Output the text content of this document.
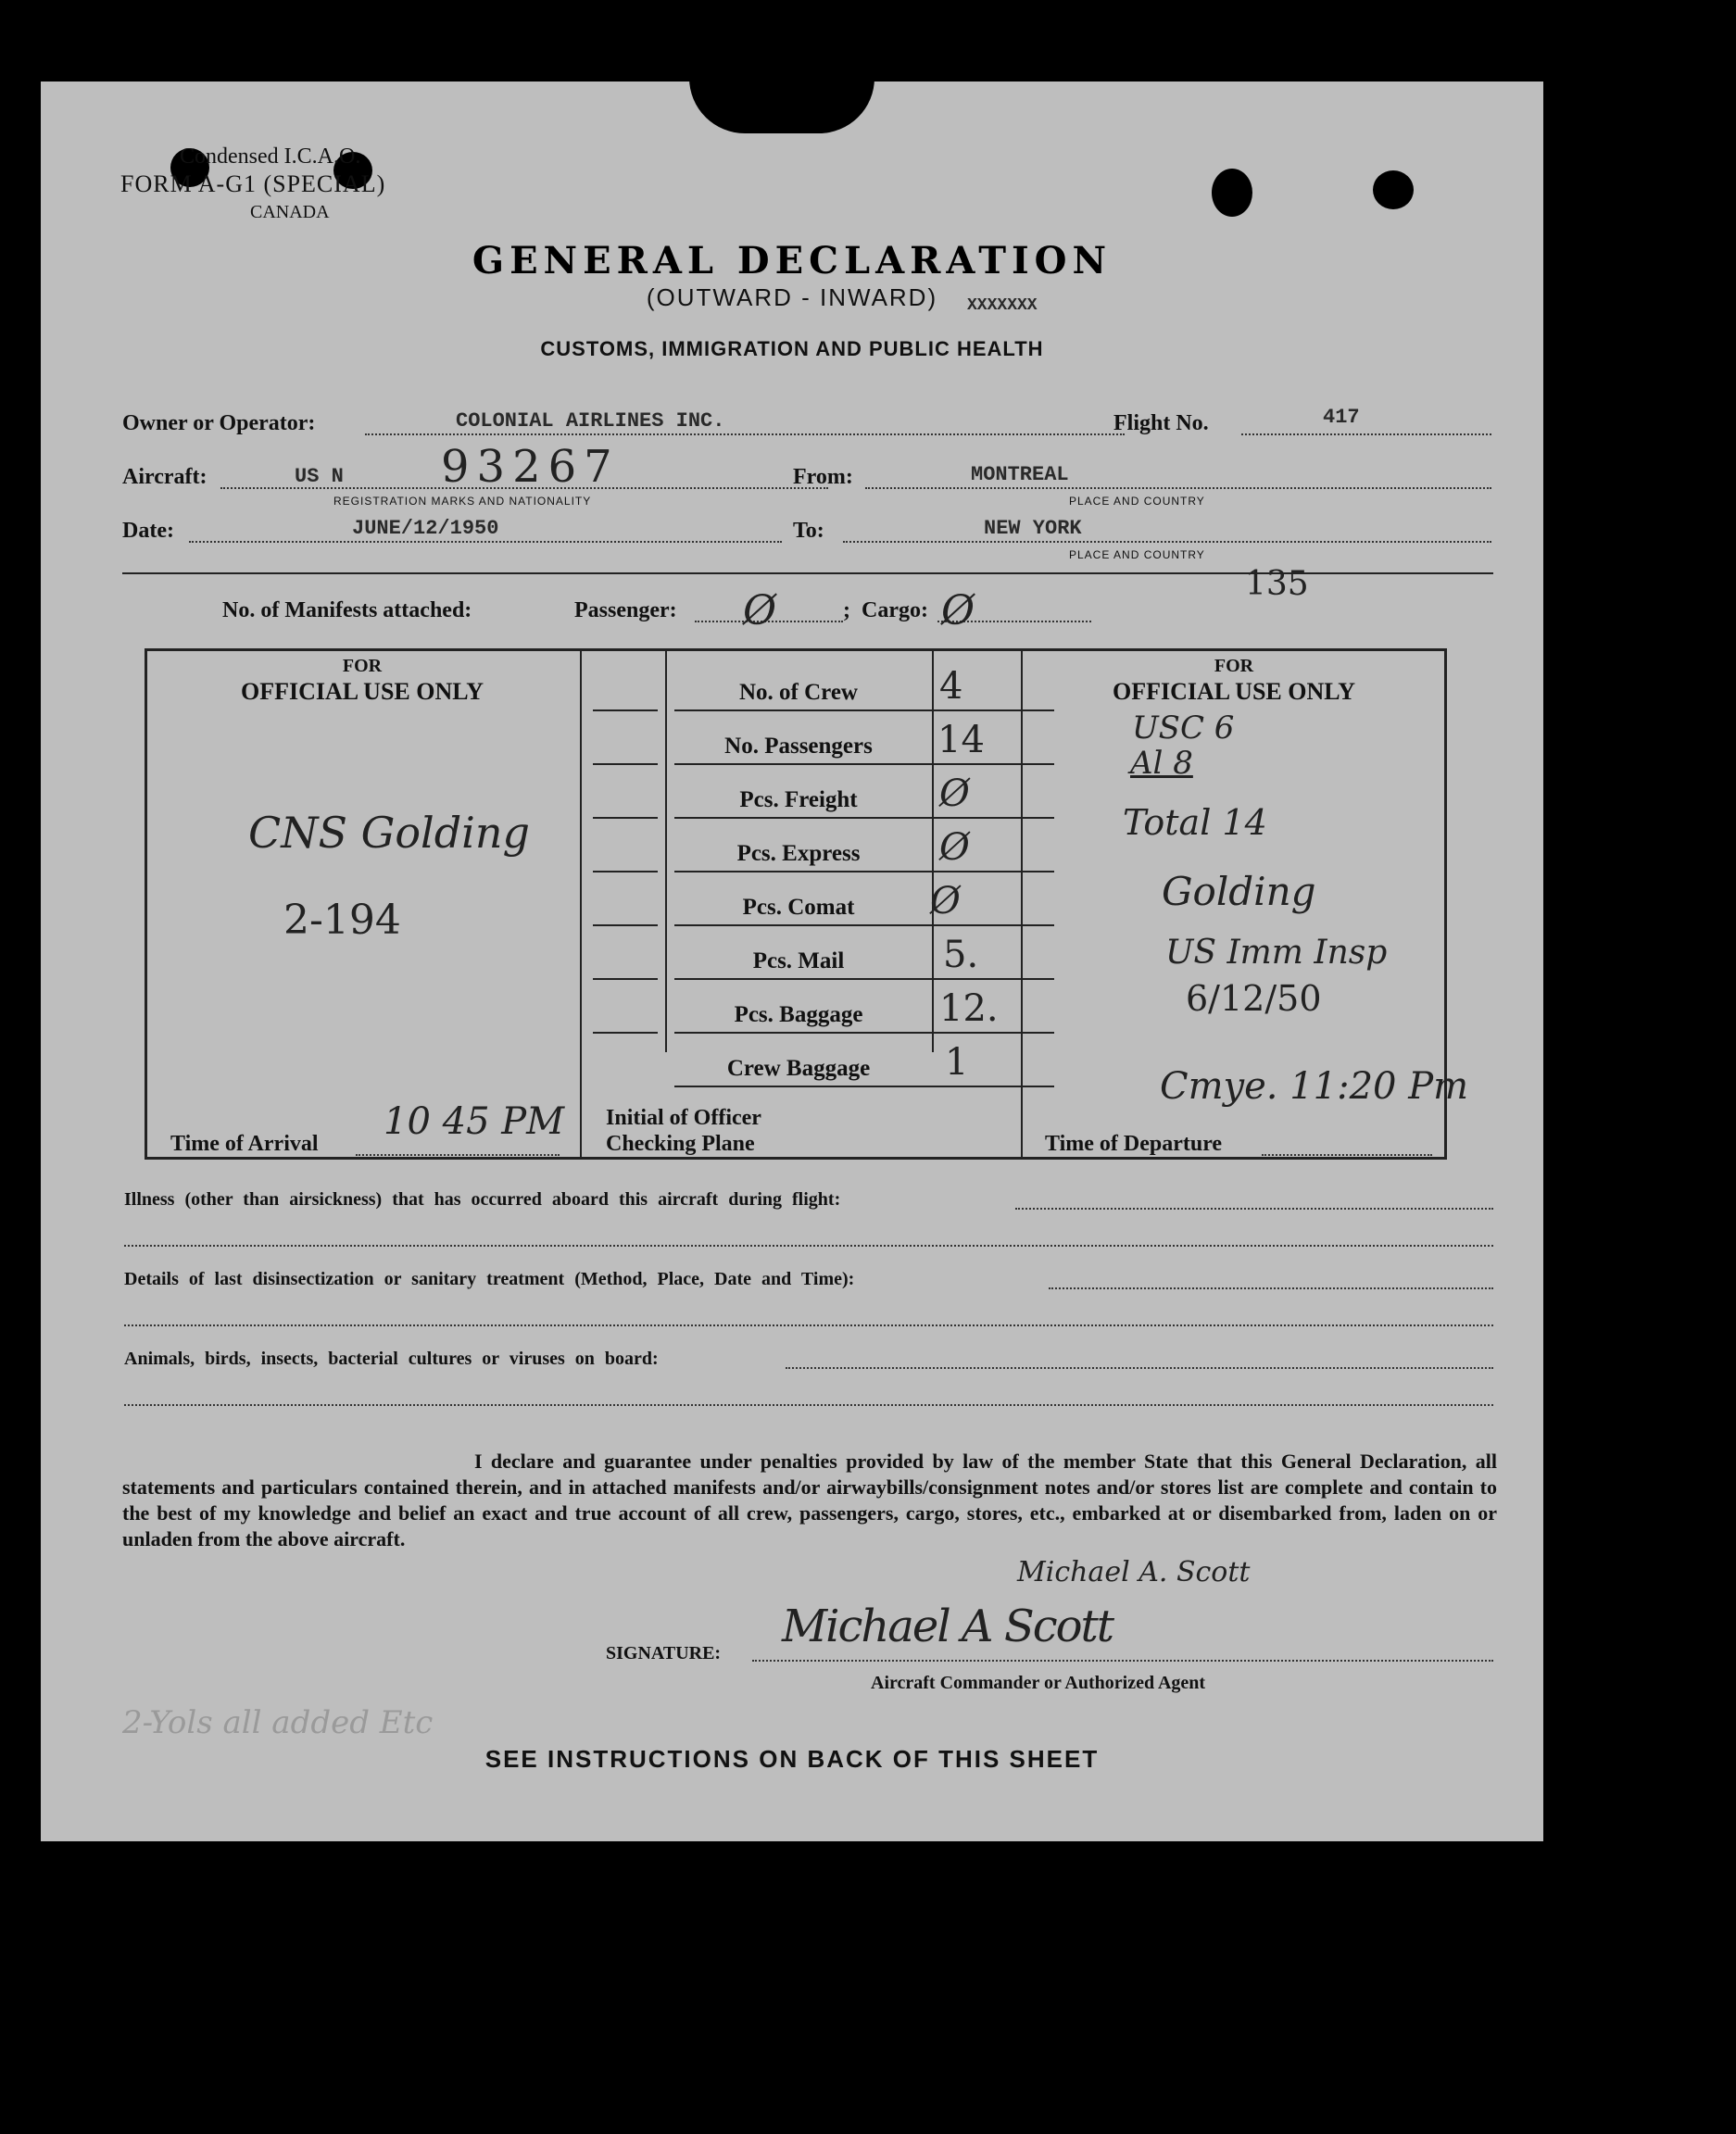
Condensed I.C.A.O.
FORM A-G1 (SPECIAL)
CANADA
GENERAL DECLARATION
(OUTWARD - INWARD)	XXXXXXX
CUSTOMS, IMMIGRATION AND PUBLIC HEALTH
Owner or Operator:	COLONIAL AIRLINES INC.	Flight No.	417
Aircraft:	US N 93267
REGISTRATION MARKS AND NATIONALITY
From:	MONTREAL
PLACE AND COUNTRY
Date:	JUNE/12/1950	To:	NEW YORK
PLACE AND COUNTRY
135
No. of Manifests attached:	Passenger: Ø	; Cargo: Ø
FOR
OFFICIAL USE ONLY
FOR
OFFICIAL USE ONLY
No. of Crew	4
No. Passengers	14
Pcs. Freight	Ø
Pcs. Express	Ø
Pcs. Comat	Ø
Pcs. Mail	5.
Pcs. Baggage	12.
Crew Baggage	1
CNS Golding
2-194
USC 6
Al 8
Total 14
Golding
US Imm Insp
6/12/50
Cmye. 11:20 Pm
Time of Arrival
10 45 PM Initial of Officer
Checking Plane	Time of Departure
Illness (other than airsickness) that has occurred aboard this aircraft during flight:
Details of last disinsectization or sanitary treatment (Method, Place, Date and Time):
Animals, birds, insects, bacterial cultures or viruses on board:
I declare and guarantee under penalties provided by law of the member State that this General Declaration, all statements and particulars contained therein, and in attached manifests and/or airwaybills/consignment notes and/or stores list are complete and contain to the best of my knowledge and belief an exact and true account of all crew, passengers, cargo, stores, etc., embarked at or disembarked from, laden on or unladen from the above aircraft.
Michael A. Scott
SIGNATURE:
Michael A Scott
Aircraft Commander or Authorized Agent
2-Yols all added Etc
SEE INSTRUCTIONS ON BACK OF THIS SHEET
